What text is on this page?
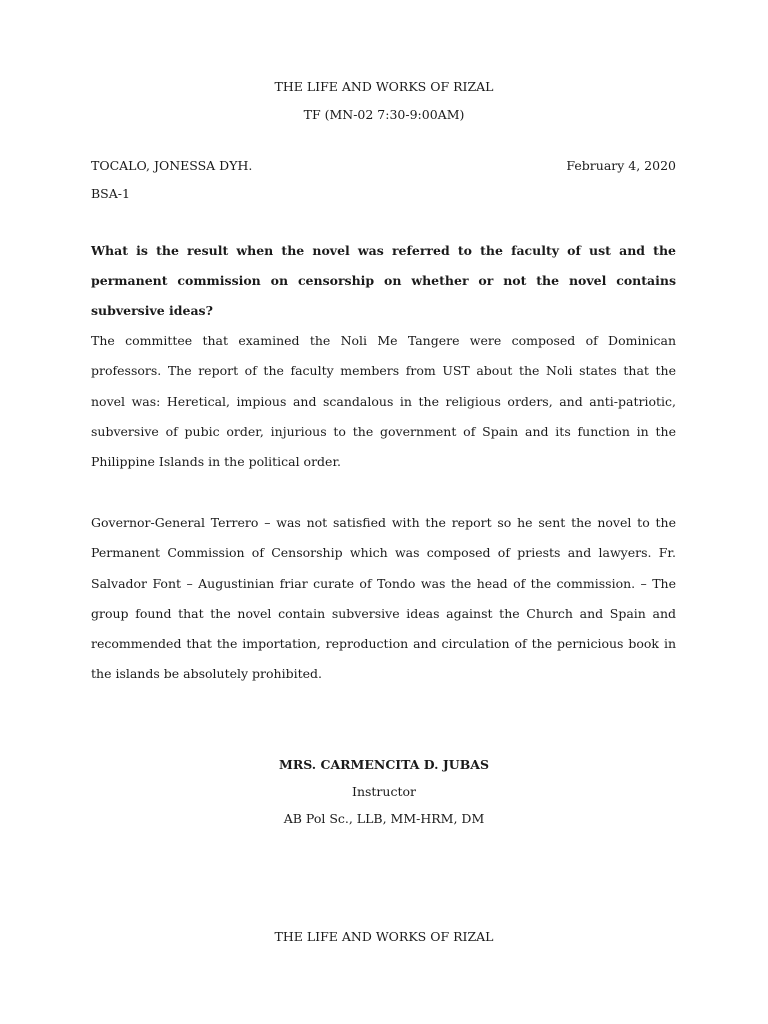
THE LIFE AND WORKS OF RIZAL
TF (MN-02 7:30-9:00AM)
TOCALO, JONESSA DYH.	February 4, 2020
BSA-1

What is the result when the novel was referred to the faculty of ust and the permanent commission on censorship on whether or not the novel contains subversive ideas?

The committee that examined the Noli Me Tangere were composed of Dominican professors. The report of the faculty members from UST about the Noli states that the novel was: Heretical, impious and scandalous in the religious orders, and anti-patriotic, subversive of pubic order, injurious to the government of Spain and its function in the Philippine Islands in the political order.

Governor-General Terrero – was not satisfied with the report so he sent the novel to the Permanent Commission of Censorship which was composed of priests and lawyers. Fr. Salvador Font – Augustinian friar curate of Tondo was the head of the commission. – The group found that the novel contain subversive ideas against the Church and Spain and recommended that the importation, reproduction and circulation of the pernicious book in the islands be absolutely prohibited.

MRS. CARMENCITA D. JUBAS
Instructor
AB Pol Sc., LLB, MM-HRM, DM
THE LIFE AND WORKS OF RIZAL
